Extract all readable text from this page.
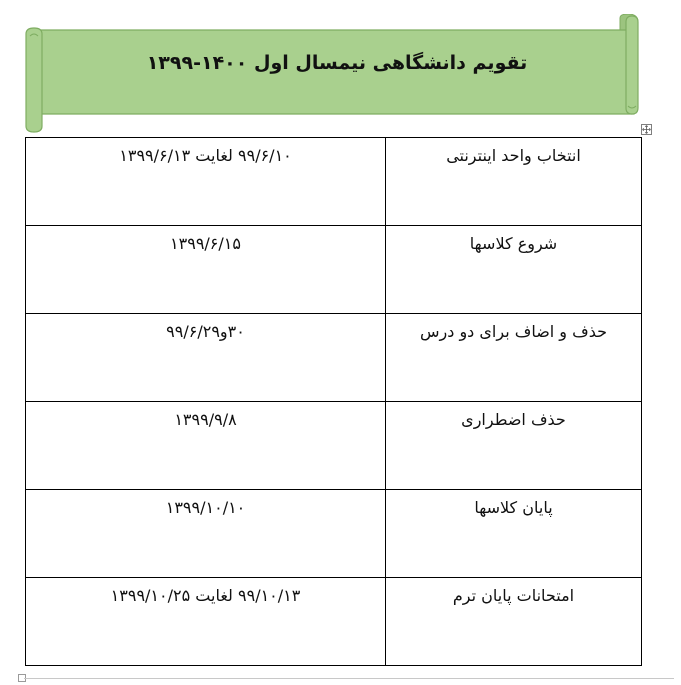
تقویم دانشگاهی نیمسال اول ۱۴۰۰-۱۳۹۹
انتخاب واحد اینترنتی	۹۹/۶/۱۰ لغایت ۱۳۹۹/۶/۱۳
شروع کلاسها	۱۳۹۹/۶/۱۵
حذف و اضاف برای دو درس	۳۰و۹۹/۶/۲۹
حذف اضطراری	۱۳۹۹/۹/۸
پایان کلاسها	۱۳۹۹/۱۰/۱۰
امتحانات پایان ترم	۹۹/۱۰/۱۳ لغایت ۱۳۹۹/۱۰/۲۵
